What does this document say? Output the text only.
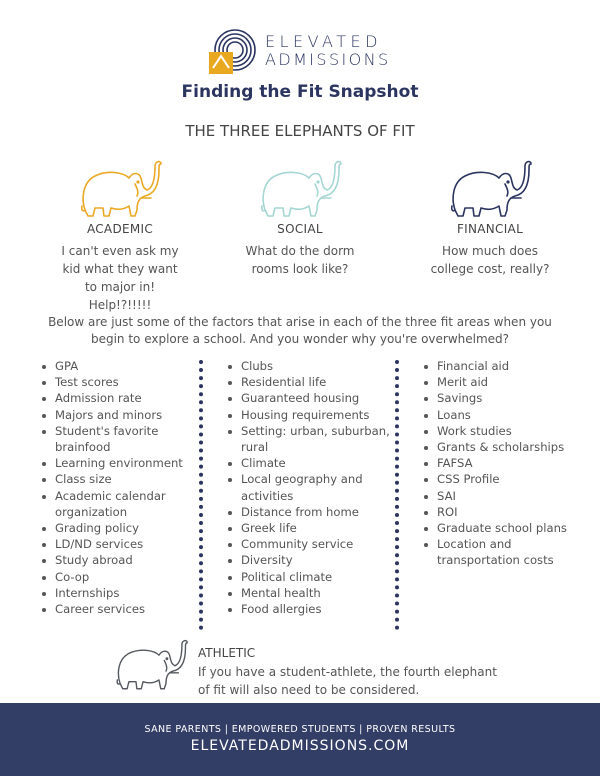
ELEVATED
ADMISSIONS
Finding the Fit Snapshot
THE THREE ELEPHANTS OF FIT
ACADEMIC
I can't even ask my kid what they want to major in! Help!?!!!!!
SOCIAL
What do the dorm rooms look like?
FINANCIAL
How much does college cost, really?
Below are just some of the factors that arise in each of the three fit areas when you begin to explore a school. And you wonder why you're overwhelmed?
GPA
Test scores
Admission rate
Majors and minors
Student's favorite brainfood
Learning environment
Class size
Academic calendar organization
Grading policy
LD/ND services
Study abroad
Co-op
Internships
Career services
Clubs
Residential life
Guaranteed housing
Housing requirements
Setting: urban, suburban, rural
Climate
Local geography and activities
Distance from home
Greek life
Community service
Diversity
Political climate
Mental health
Food allergies
Financial aid
Merit aid
Savings
Loans
Work studies
Grants & scholarships
FAFSA
CSS Profile
SAI
ROI
Graduate school plans
Location and transportation costs
ATHLETIC
If you have a student-athlete, the fourth elephant of fit will also need to be considered.
SANE PARENTS | EMPOWERED STUDENTS | PROVEN RESULTS
ELEVATEDADMISSIONS.COM
